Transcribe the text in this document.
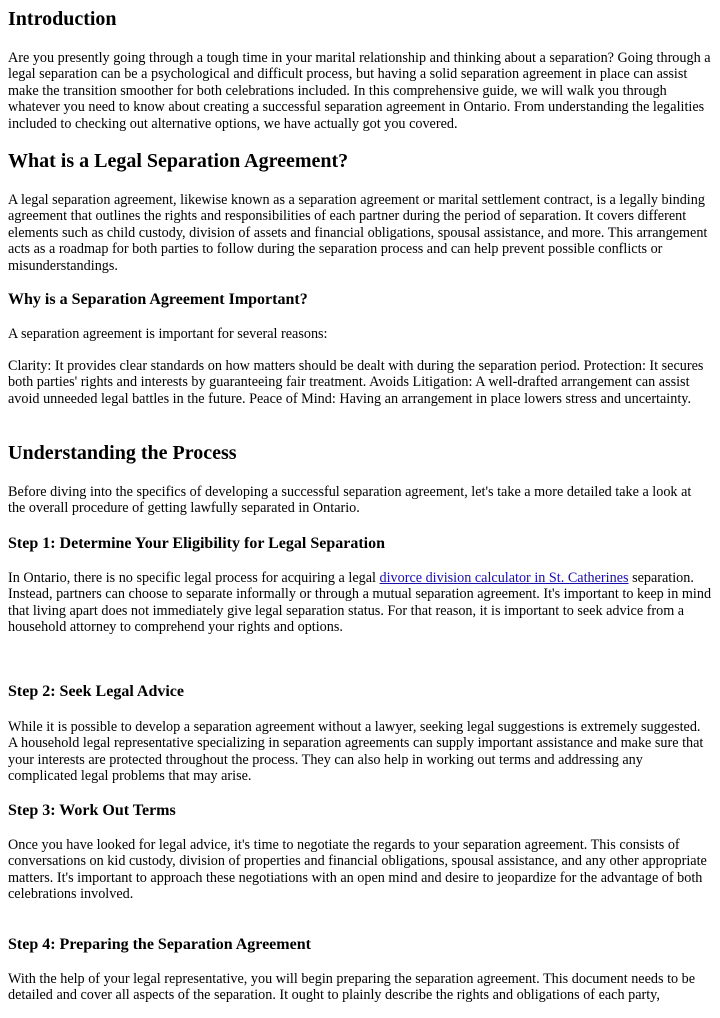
Introduction

Are you presently going through a tough time in your marital relationship and thinking about a separation? Going through a legal separation can be a psychological and difficult process, but having a solid separation agreement in place can assist make the transition smoother for both celebrations included. In this comprehensive guide, we will walk you through whatever you need to know about creating a successful separation agreement in Ontario. From understanding the legalities included to checking out alternative options, we have actually got you covered.

What is a Legal Separation Agreement?

A legal separation agreement, likewise known as a separation agreement or marital settlement contract, is a legally binding agreement that outlines the rights and responsibilities of each partner during the period of separation. It covers different elements such as child custody, division of assets and financial obligations, spousal assistance, and more. This arrangement acts as a roadmap for both parties to follow during the separation process and can help prevent possible conflicts or misunderstandings.

Why is a Separation Agreement Important?

A separation agreement is important for several reasons:

Clarity: It provides clear standards on how matters should be dealt with during the separation period. Protection: It secures both parties' rights and interests by guaranteeing fair treatment. Avoids Litigation: A well-drafted arrangement can assist avoid unneeded legal battles in the future. Peace of Mind: Having an arrangement in place lowers stress and uncertainty.

Understanding the Process

Before diving into the specifics of developing a successful separation agreement, let's take a more detailed take a look at the overall procedure of getting lawfully separated in Ontario.

Step 1: Determine Your Eligibility for Legal Separation

In Ontario, there is no specific legal process for acquiring a legal divorce division calculator in St. Catherines separation. Instead, partners can choose to separate informally or through a mutual separation agreement. It's important to keep in mind that living apart does not immediately give legal separation status. For that reason, it is important to seek advice from a household attorney to comprehend your rights and options.

Step 2: Seek Legal Advice

While it is possible to develop a separation agreement without a lawyer, seeking legal suggestions is extremely suggested. A household legal representative specializing in separation agreements can supply important assistance and make sure that your interests are protected throughout the process. They can also help in working out terms and addressing any complicated legal problems that may arise.

Step 3: Work Out Terms

Once you have looked for legal advice, it's time to negotiate the regards to your separation agreement. This consists of conversations on kid custody, division of properties and financial obligations, spousal assistance, and any other appropriate matters. It's important to approach these negotiations with an open mind and desire to jeopardize for the advantage of both celebrations involved.

Step 4: Preparing the Separation Agreement

With the help of your legal representative, you will begin preparing the separation agreement. This document needs to be detailed and cover all aspects of the separation. It ought to plainly describe the rights and obligations of each party,
